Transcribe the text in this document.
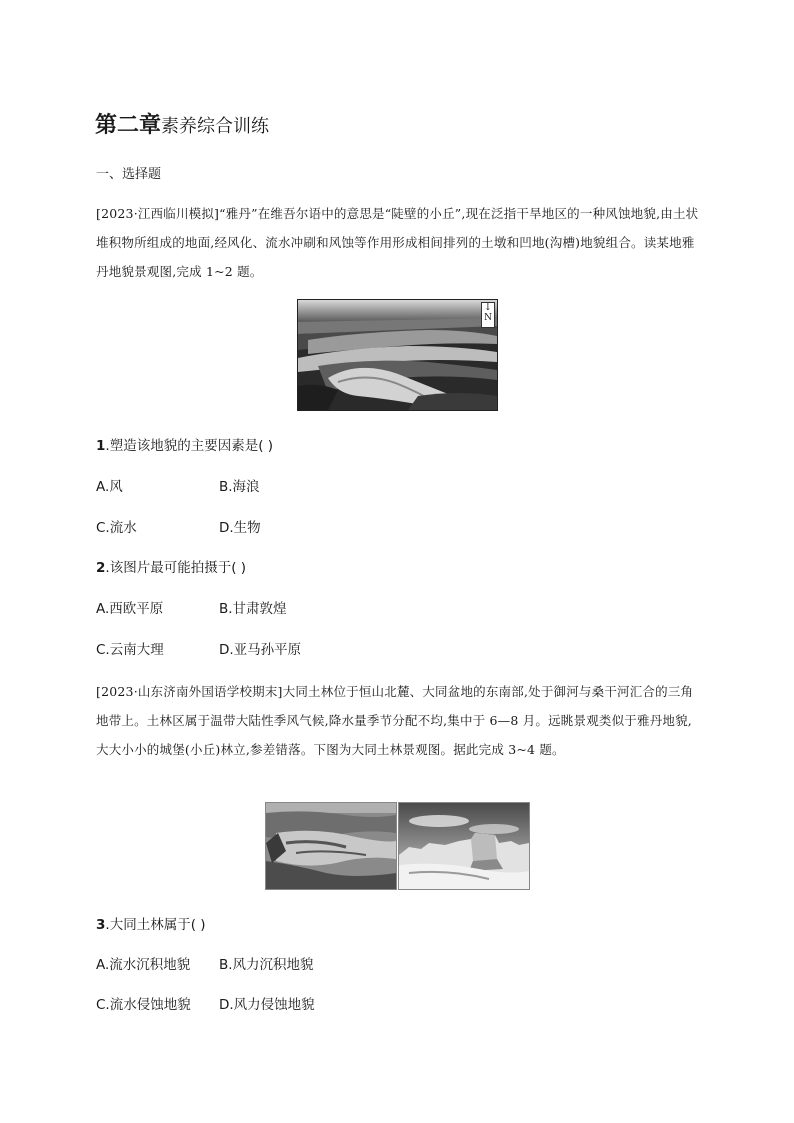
第二章素养综合训练
一、选择题
[2023·江西临川模拟]“雅丹”在维吾尔语中的意思是“陡壁的小丘”,现在泛指干旱地区的一种风蚀地貌,由土状堆积物所组成的地面,经风化、流水冲刷和风蚀等作用形成相间排列的土墩和凹地(沟槽)地貌组合。读某地雅丹地貌景观图,完成 1~2 题。
↓
N
1.塑造该地貌的主要因素是( )
A.风	B.海浪
C.流水	D.生物
2.该图片最可能拍摄于( )
A.西欧平原	B.甘肃敦煌
C.云南大理	D.亚马孙平原
[2023·山东济南外国语学校期末]大同土林位于恒山北麓、大同盆地的东南部,处于御河与桑干河汇合的三角地带上。土林区属于温带大陆性季风气候,降水量季节分配不均,集中于 6—8 月。远眺景观类似于雅丹地貌,大大小小的城堡(小丘)林立,参差错落。下图为大同土林景观图。据此完成 3~4 题。
3.大同土林属于( )
A.流水沉积地貌 B.风力沉积地貌
C.流水侵蚀地貌 D.风力侵蚀地貌
